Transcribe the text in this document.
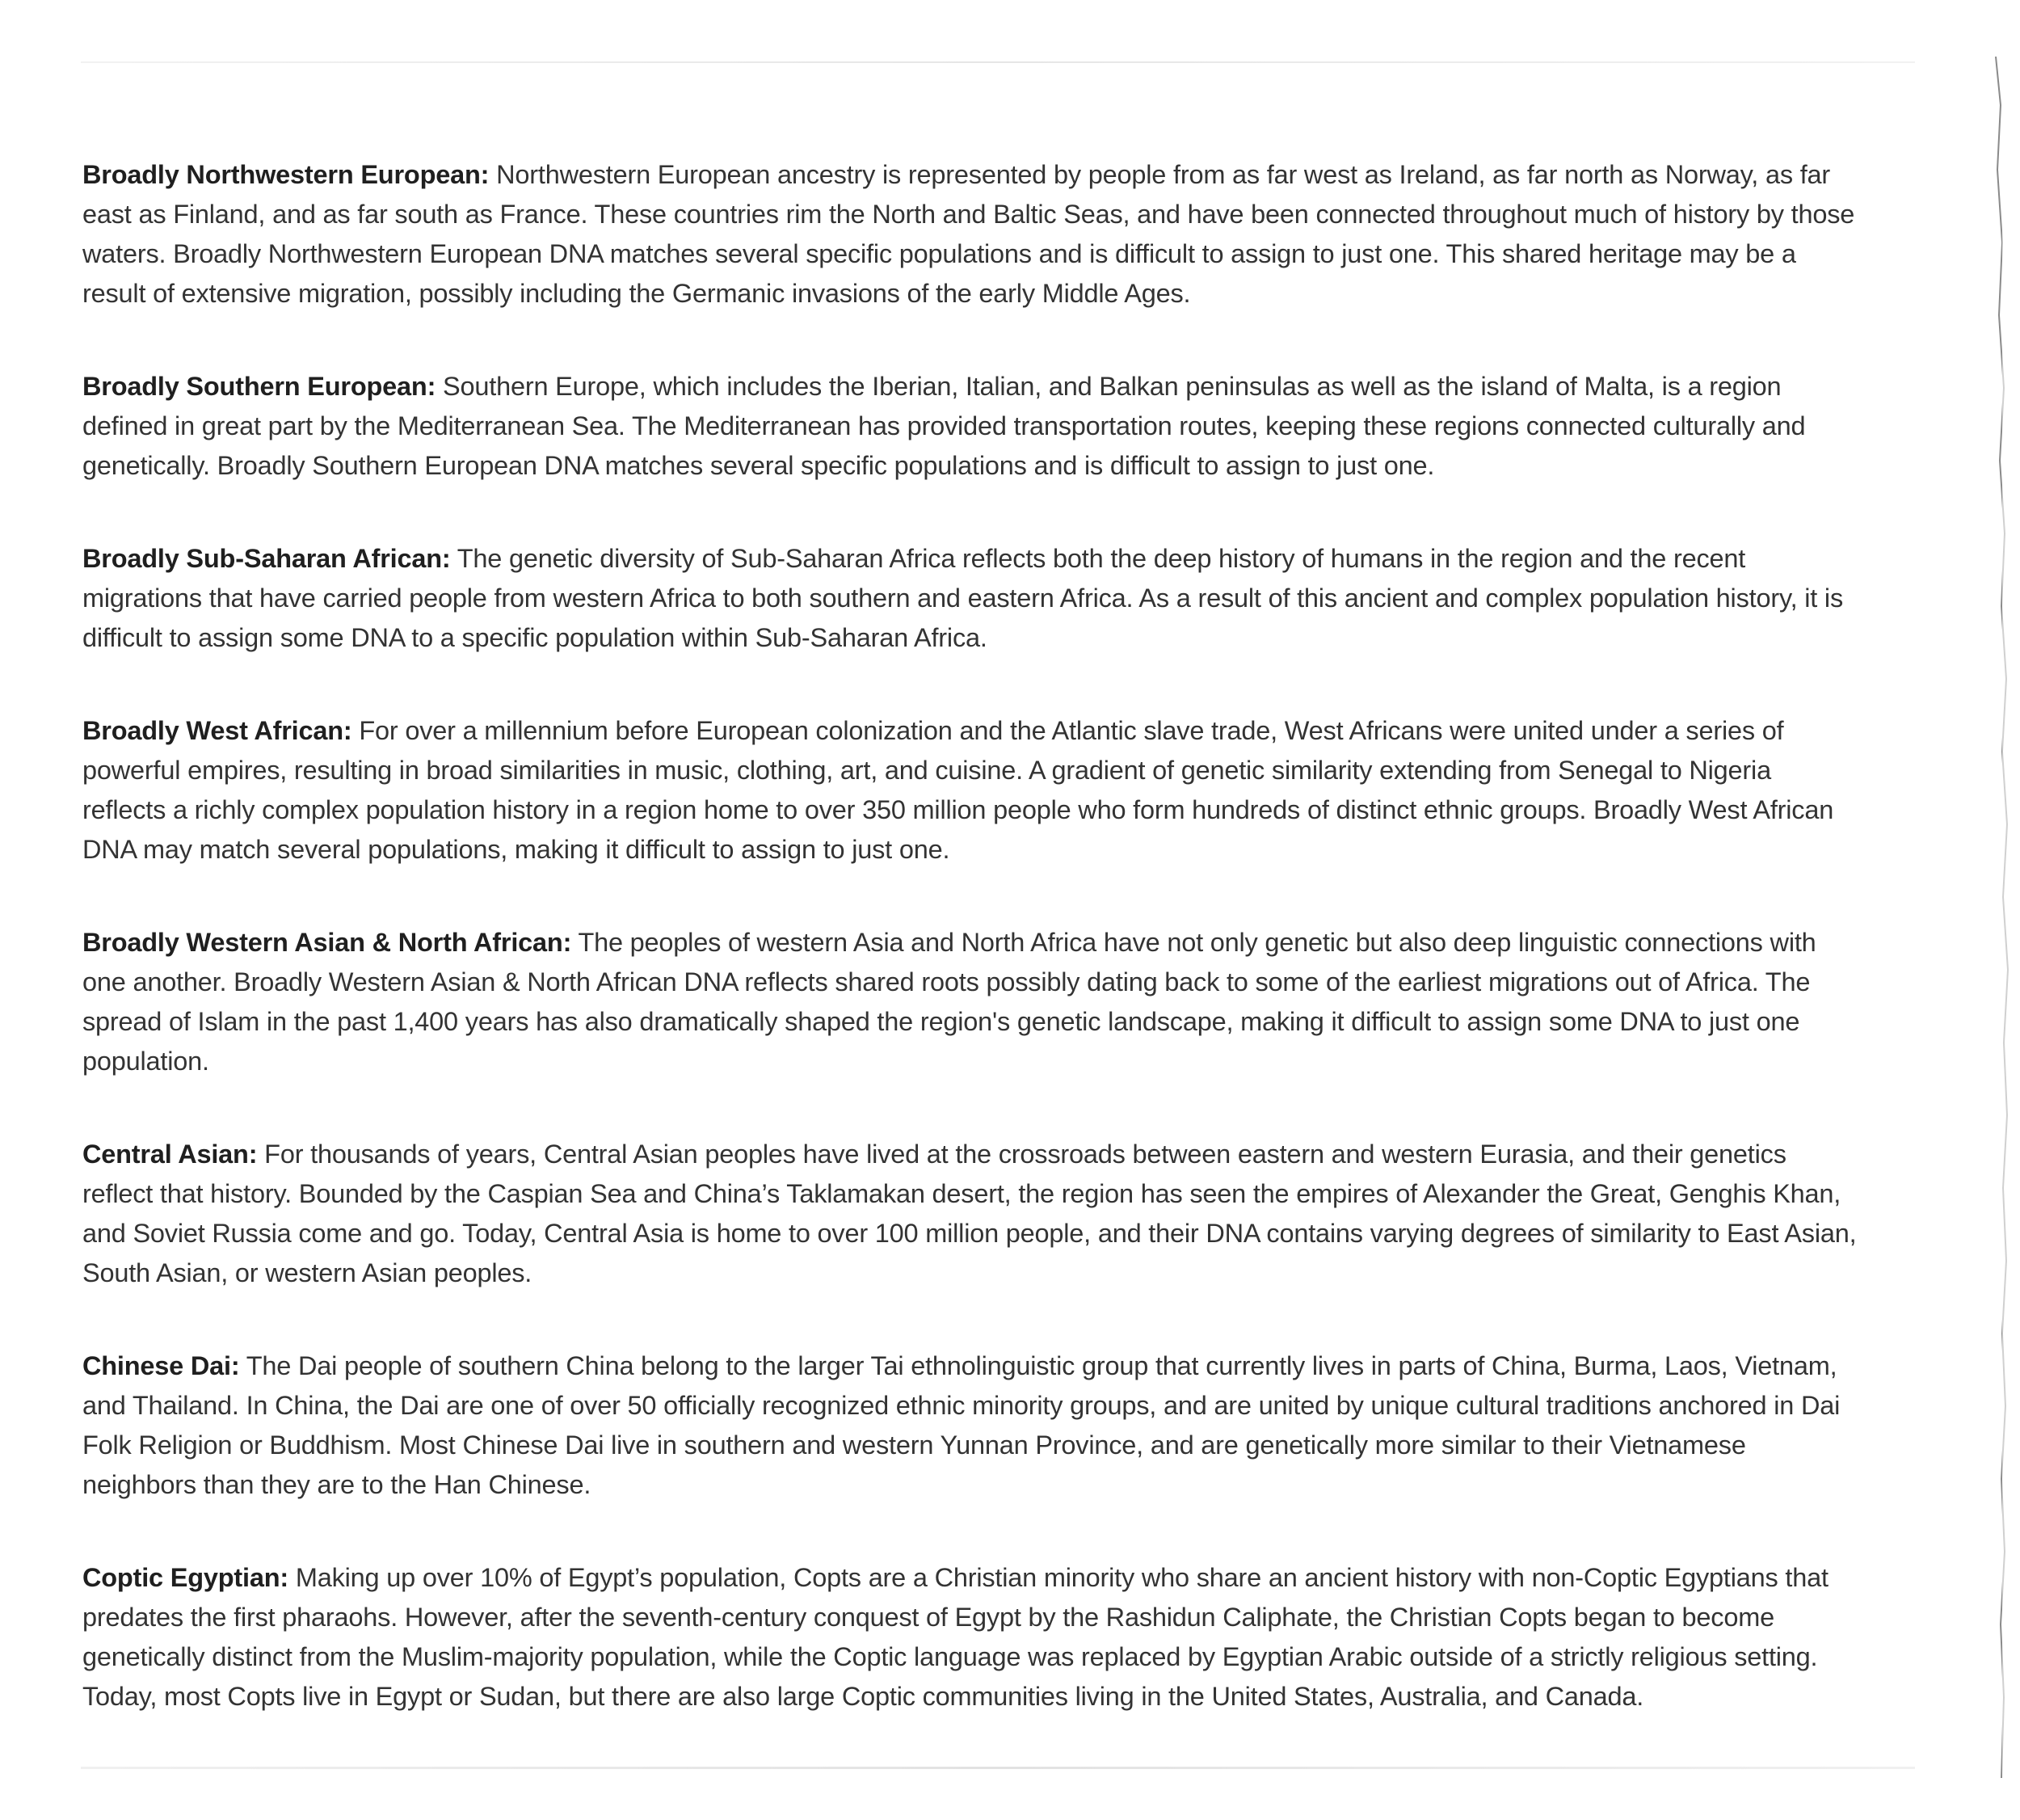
Broadly Northwestern European: Northwestern European ancestry is represented by people from as far west as Ireland, as far north as Norway, as far east as Finland, and as far south as France. These countries rim the North and Baltic Seas, and have been connected throughout much of history by those waters. Broadly Northwestern European DNA matches several specific populations and is difficult to assign to just one. This shared heritage may be a result of extensive migration, possibly including the Germanic invasions of the early Middle Ages.

Broadly Southern European: Southern Europe, which includes the Iberian, Italian, and Balkan peninsulas as well as the island of Malta, is a region defined in great part by the Mediterranean Sea. The Mediterranean has provided transportation routes, keeping these regions connected culturally and genetically. Broadly Southern European DNA matches several specific populations and is difficult to assign to just one.

Broadly Sub-Saharan African: The genetic diversity of Sub-Saharan Africa reflects both the deep history of humans in the region and the recent migrations that have carried people from western Africa to both southern and eastern Africa. As a result of this ancient and complex population history, it is difficult to assign some DNA to a specific population within Sub-Saharan Africa.

Broadly West African: For over a millennium before European colonization and the Atlantic slave trade, West Africans were united under a series of powerful empires, resulting in broad similarities in music, clothing, art, and cuisine. A gradient of genetic similarity extending from Senegal to Nigeria reflects a richly complex population history in a region home to over 350 million people who form hundreds of distinct ethnic groups. Broadly West African DNA may match several populations, making it difficult to assign to just one.

Broadly Western Asian & North African: The peoples of western Asia and North Africa have not only genetic but also deep linguistic connections with one another. Broadly Western Asian & North African DNA reflects shared roots possibly dating back to some of the earliest migrations out of Africa. The spread of Islam in the past 1,400 years has also dramatically shaped the region's genetic landscape, making it difficult to assign some DNA to just one population.

Central Asian: For thousands of years, Central Asian peoples have lived at the crossroads between eastern and western Eurasia, and their genetics reflect that history. Bounded by the Caspian Sea and China’s Taklamakan desert, the region has seen the empires of Alexander the Great, Genghis Khan, and Soviet Russia come and go. Today, Central Asia is home to over 100 million people, and their DNA contains varying degrees of similarity to East Asian, South Asian, or western Asian peoples.

Chinese Dai: The Dai people of southern China belong to the larger Tai ethnolinguistic group that currently lives in parts of China, Burma, Laos, Vietnam, and Thailand. In China, the Dai are one of over 50 officially recognized ethnic minority groups, and are united by unique cultural traditions anchored in Dai Folk Religion or Buddhism. Most Chinese Dai live in southern and western Yunnan Province, and are genetically more similar to their Vietnamese neighbors than they are to the Han Chinese.

Coptic Egyptian: Making up over 10% of Egypt’s population, Copts are a Christian minority who share an ancient history with non-Coptic Egyptians that predates the first pharaohs. However, after the seventh-century conquest of Egypt by the Rashidun Caliphate, the Christian Copts began to become genetically distinct from the Muslim-majority population, while the Coptic language was replaced by Egyptian Arabic outside of a strictly religious setting. Today, most Copts live in Egypt or Sudan, but there are also large Coptic communities living in the United States, Australia, and Canada.
